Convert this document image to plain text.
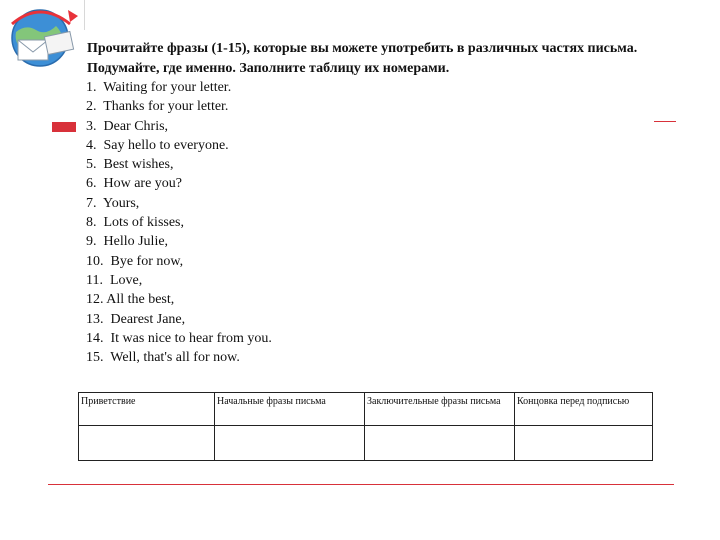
Прочитайте фразы (1-15), которые вы можете употребить в различных частях письма. Подумайте, где именно. Заполните таблицу их номерами.
1.  Waiting for your letter.
2.  Thanks for your letter.
3.  Dear Chris,
4.  Say hello to everyone.
5.  Best wishes,
6.  How are you?
7.  Yours,
8.  Lots of kisses,
9.  Hello Julie,
10.  Bye for now,
11.  Love,
12. All the best,
13.  Dearest Jane,
14.  It was nice to hear from you.
15.  Well, that's all for now.
Приветствие	Начальные фразы письма	Заключительные фразы письма	Концовка перед подписью
